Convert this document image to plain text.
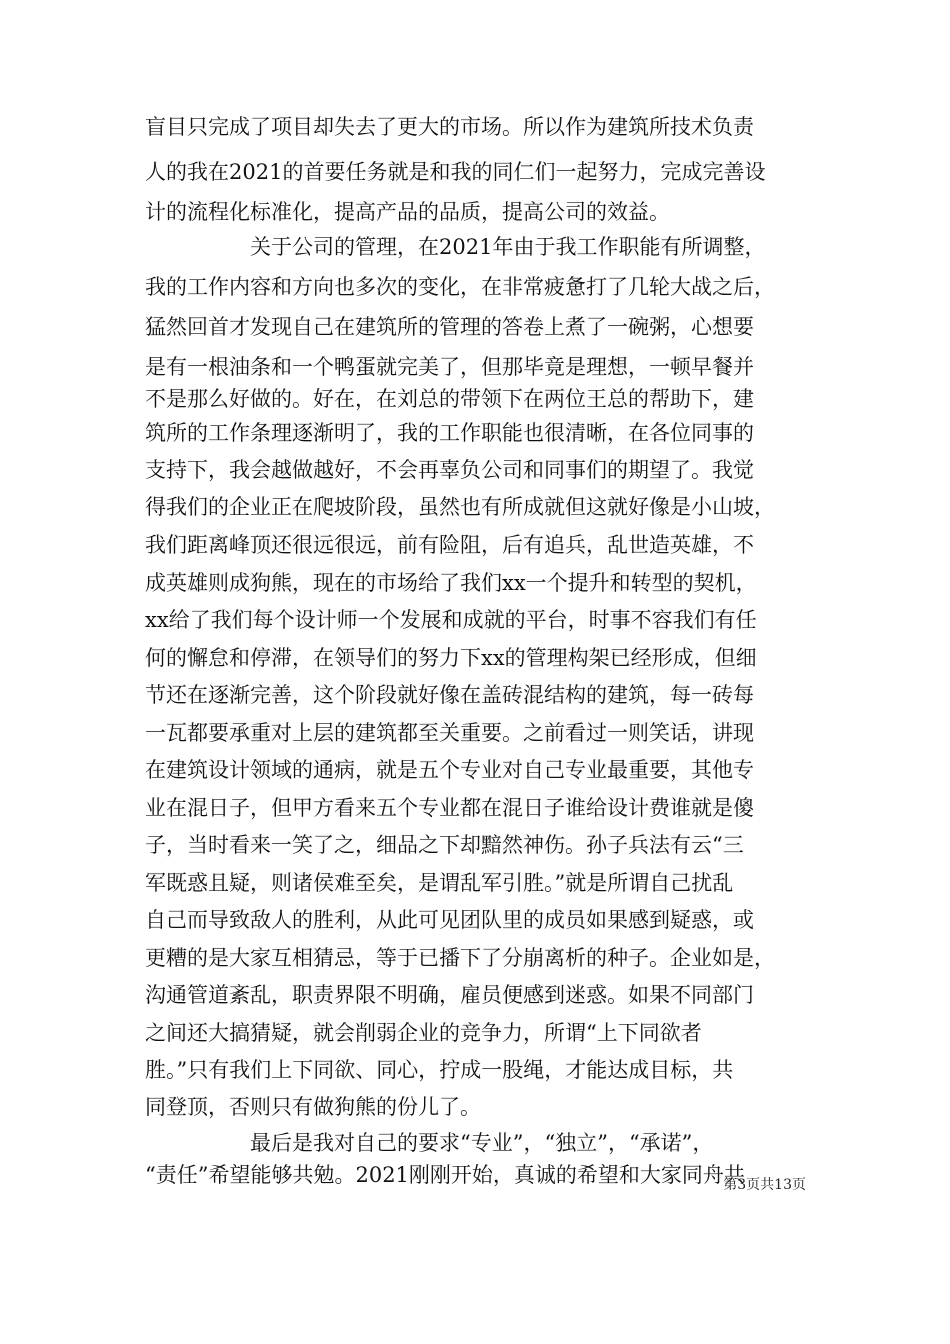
盲目只完成了项目却失去了更大的市场。所以作为建筑所技术负责
人的我在2021的首要任务就是和我的同仁们一起努力，完成完善设
计的流程化标准化，提高产品的品质，提高公司的效益。
关于公司的管理，在2021年由于我工作职能有所调整，
我的工作内容和方向也多次的变化，在非常疲惫打了几轮大战之后，
猛然回首才发现自己在建筑所的管理的答卷上煮了一碗粥，心想要
是有一根油条和一个鸭蛋就完美了，但那毕竟是理想，一顿早餐并
不是那么好做的。好在，在刘总的带领下在两位王总的帮助下，建
筑所的工作条理逐渐明了，我的工作职能也很清晰，在各位同事的
支持下，我会越做越好，不会再辜负公司和同事们的期望了。我觉
得我们的企业正在爬坡阶段，虽然也有所成就但这就好像是小山坡，
我们距离峰顶还很远很远，前有险阻，后有追兵，乱世造英雄，不
成英雄则成狗熊，现在的市场给了我们xx一个提升和转型的契机，
xx给了我们每个设计师一个发展和成就的平台，时事不容我们有任
何的懈怠和停滞，在领导们的努力下xx的管理构架已经形成，但细
节还在逐渐完善，这个阶段就好像在盖砖混结构的建筑，每一砖每
一瓦都要承重对上层的建筑都至关重要。之前看过一则笑话，讲现
在建筑设计领域的通病，就是五个专业对自己专业最重要，其他专
业在混日子，但甲方看来五个专业都在混日子谁给设计费谁就是傻
子，当时看来一笑了之，细品之下却黯然神伤。孙子兵法有云“三
军既惑且疑，则诸侯难至矣，是谓乱军引胜。”就是所谓自己扰乱
自己而导致敌人的胜利，从此可见团队里的成员如果感到疑惑，或
更糟的是大家互相猜忌，等于已播下了分崩离析的种子。企业如是，
沟通管道紊乱，职责界限不明确，雇员便感到迷惑。如果不同部门
之间还大搞猜疑，就会削弱企业的竞争力，所谓“上下同欲者
胜。”只有我们上下同欲、同心，拧成一股绳，才能达成目标，共
同登顶，否则只有做狗熊的份儿了。
最后是我对自己的要求“专业”，“独立”，“承诺”，
“责任”希望能够共勉。2021刚刚开始，真诚的希望和大家同舟共
第3页共13页
